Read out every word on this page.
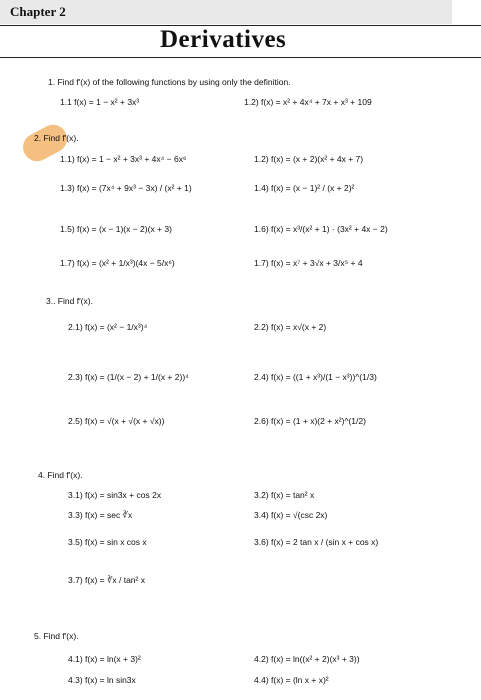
Chapter 2
Derivatives
1. Find f′(x) of the following functions by using only the definition.
1.1 f(x) = 1 − x² + 3x³	1.2) f(x) = x² + 4x⁴ + 7x + x³ + 109
2. Find f′(x).
1.1) f(x) = 1 − x² + 3x³ + 4x⁴ − 6x⁶	1.2) f(x) = (x + 2)(x² + 4x + 7)
1.3) f(x) = (7x⁴ + 9x³ − 3x) / (x² + 1)	1.4) f(x) = (x − 1)² / (x + 2)²
1.5) f(x) = (x − 1)(x − 2)(x + 3)	1.6) f(x) = x³/(x² + 1) · (3x² + 4x − 2)
1.7) f(x) = (x² + 1/x³)(4x − 5/x⁶)	1.7) f(x) = x⁷ + 3√x + 3/x⁵ + 4
3.. Find f′(x).
2.1) f(x) = (x² − 1/x³)⁴	2.2) f(x) = x√(x + 2)
2.3) f(x) = (1/(x − 2) + 1/(x + 2))⁴	2.4) f(x) = ((1 + x³)/(1 − x³))^(1/3)
2.5) f(x) = √(x + √(x + √x))	2.6) f(x) = (1 + x)(2 + x²)^(1/2)
4. Find f′(x).
3.1) f(x) = sin3x + cos 2x	3.2) f(x) = tan² x
3.3) f(x) = sec ∛x	3.4) f(x) = √(csc 2x)
3.5) f(x) = sin x cos x	3.6) f(x) = 2 tan x / (sin x + cos x)
3.7) f(x) = ∛x / tan² x
5. Find f′(x).
4.1) f(x) = ln(x + 3)²	4.2) f(x) = ln((x² + 2)(x³ + 3))
4.3) f(x) = ln sin3x	4.4) f(x) = (ln x + x)²
